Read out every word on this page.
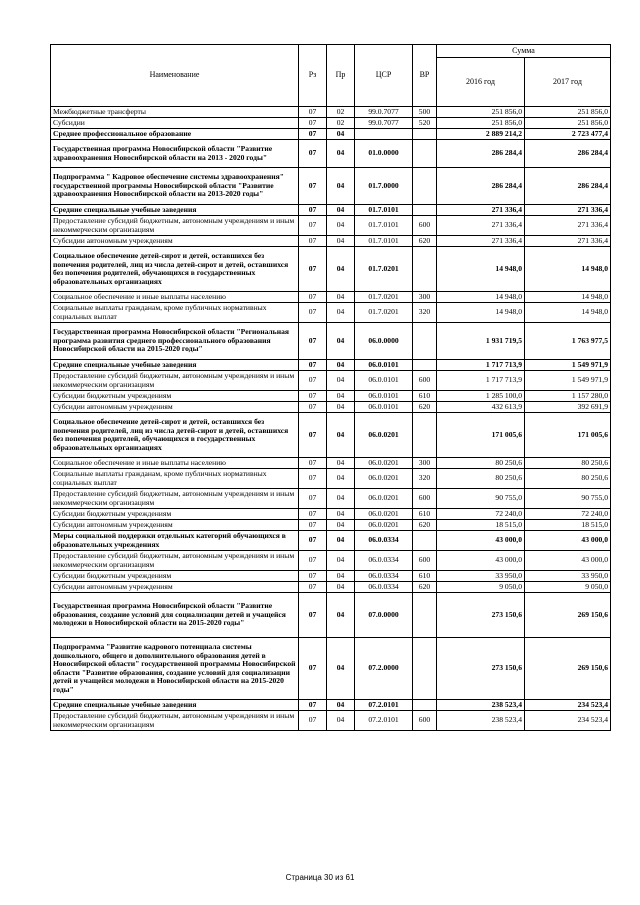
Наименование	Рз	Пр	ЦСР	ВР	Сумма	
					2016 год	2017 год
Межбюджетные трансферты	07	02	99.0.7077	500	251 856,0	251 856,0
Субсидии	07	02	99.0.7077	520	251 856,0	251 856,0
Среднее профессиональное образование	07	04			2 889 214,2	2 723 477,4
Государственная программа Новосибирской области "Развитие здравоохранения Новосибирской области на 2013 - 2020 годы"	07	04	01.0.0000		286 284,4	286 284,4
Подпрограмма " Кадровое обеспечение системы здравоохранения" государственной программы Новосибирской области "Развитие здравоохранения Новосибирской области на 2013-2020 годы"	07	04	01.7.0000		286 284,4	286 284,4
Средние специальные учебные заведения	07	04	01.7.0101		271 336,4	271 336,4
Предоставление субсидий бюджетным, автономным учреждениям и иным некоммерческим организациям	07	04	01.7.0101	600	271 336,4	271 336,4
Субсидии автономным учреждениям	07	04	01.7.0101	620	271 336,4	271 336,4
Социальное обеспечение детей-сирот и детей, оставшихся без попечения родителей, лиц из числа детей-сирот и детей, оставшихся без попечения родителей, обучающихся в государственных образовательных организациях	07	04	01.7.0201		14 948,0	14 948,0
Социальное обеспечение и иные выплаты населению	07	04	01.7.0201	300	14 948,0	14 948,0
Социальные выплаты гражданам, кроме публичных нормативных социальных выплат	07	04	01.7.0201	320	14 948,0	14 948,0
Государственная программа Новосибирской области "Региональная программа развития среднего профессионального образования Новосибирской области на 2015-2020 годы"	07	04	06.0.0000		1 931 719,5	1 763 977,5
Средние специальные учебные заведения	07	04	06.0.0101		1 717 713,9	1 549 971,9
Предоставление субсидий бюджетным, автономным учреждениям и иным некоммерческим организациям	07	04	06.0.0101	600	1 717 713,9	1 549 971,9
Субсидии бюджетным учреждениям	07	04	06.0.0101	610	1 285 100,0	1 157 280,0
Субсидии автономным учреждениям	07	04	06.0.0101	620	432 613,9	392 691,9
Социальное обеспечение детей-сирот и детей, оставшихся без попечения родителей, лиц из числа детей-сирот и детей, оставшихся без попечения родителей, обучающихся в государственных образовательных организациях	07	04	06.0.0201		171 005,6	171 005,6
Социальное обеспечение и иные выплаты населению	07	04	06.0.0201	300	80 250,6	80 250,6
Социальные выплаты гражданам, кроме публичных нормативных социальных выплат	07	04	06.0.0201	320	80 250,6	80 250,6
Предоставление субсидий бюджетным, автономным учреждениям и иным некоммерческим организациям	07	04	06.0.0201	600	90 755,0	90 755,0
Субсидии бюджетным учреждениям	07	04	06.0.0201	610	72 240,0	72 240,0
Субсидии автономным учреждениям	07	04	06.0.0201	620	18 515,0	18 515,0
Меры социальной поддержки отдельных категорий обучающихся в образовательных учреждениях	07	04	06.0.0334		43 000,0	43 000,0
Предоставление субсидий бюджетным, автономным учреждениям и иным некоммерческим организациям	07	04	06.0.0334	600	43 000,0	43 000,0
Субсидии бюджетным учреждениям	07	04	06.0.0334	610	33 950,0	33 950,0
Субсидии автономным учреждениям	07	04	06.0.0334	620	9 050,0	9 050,0
Государственная программа Новосибирской области "Развитие образования, создание условий для социализации детей и учащейся молодежи в Новосибирской области на 2015-2020 годы"	07	04	07.0.0000		273 150,6	269 150,6
Подпрограмма "Развитие кадрового потенциала системы дошкольного, общего и дополнительного образования детей в Новосибирской области" государственной программы Новосибирской области "Развитие образования, создание условий для социализации детей и учащейся молодежи в Новосибирской области на 2015-2020 годы"	07	04	07.2.0000		273 150,6	269 150,6
Средние специальные учебные заведения	07	04	07.2.0101		238 523,4	234 523,4
Предоставление субсидий бюджетным, автономным учреждениям и иным некоммерческим организациям	07	04	07.2.0101	600	238 523,4	234 523,4
Страница 30 из 61
